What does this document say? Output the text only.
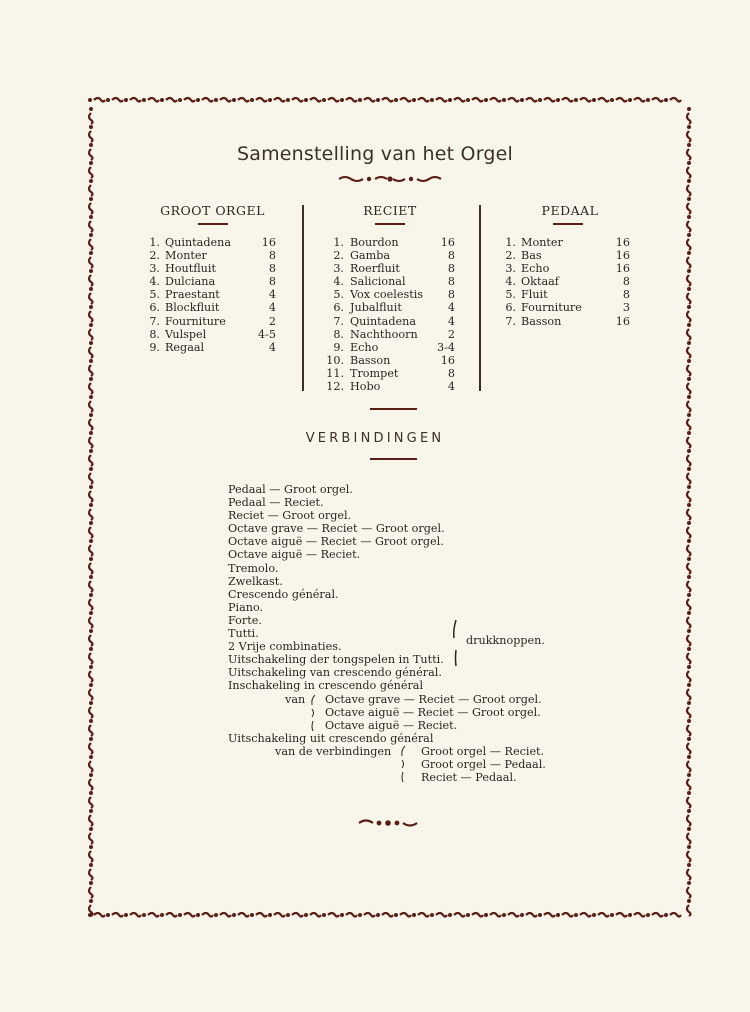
Samenstelling van het Orgel
GROOT ORGEL	RECIET	PEDAAL
1. Quintadena	16
2. Monter	8
3. Houtfluit	8
4. Dulciana	8
5. Praestant	4
6. Blockfluit	4
7. Fourniture	2
8. Vulspel	4-5
9. Regaal	4
1. Bourdon	16
2. Gamba	8
3. Roerfluit	8
4. Salicional	8
5. Vox coelestis	8
6. Jubalfluit	4
7. Quintadena	4
8. Nachthoorn	2
9. Echo	3-4
10. Basson	16
11. Trompet	8
12. Hobo	4
1. Monter	16
2. Bas	16
3. Echo	16
4. Oktaaf	8
5. Fluit	8
6. Fourniture	3
7. Basson	16
VERBINDINGEN
Pedaal — Groot orgel.
Pedaal — Reciet.
Reciet — Groot orgel.
Octave grave — Reciet — Groot orgel.
Octave aiguë — Reciet — Groot orgel.
Octave aiguë — Reciet.
Tremolo.
Zwelkast.
Crescendo général.
Piano.
Forte.
Tutti.
2 Vrije combinaties.
Uitschakeling der tongspelen in Tutti.
Uitschakeling van crescendo général.
Inschakeling in crescendo général
drukknoppen.
van Octave grave — Reciet — Groot orgel.
Octave aiguë — Reciet — Groot orgel.
Octave aiguë — Reciet.
Uitschakeling uit crescendo général
van de verbindingen	Groot orgel — Reciet.
Groot orgel — Pedaal.
Reciet — Pedaal.
